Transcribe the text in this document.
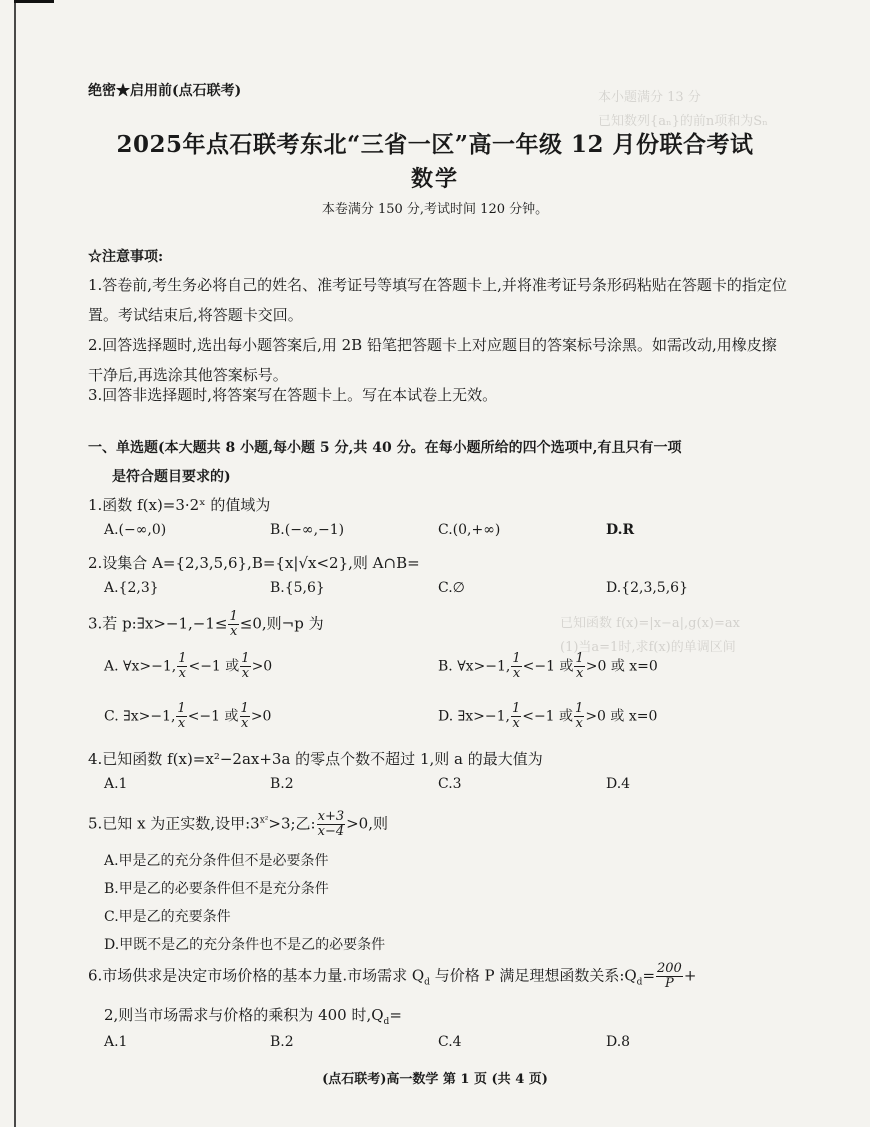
本小题满分 13 分
已知数列{aₙ}的前n项和为Sₙ
已知函数 f(x)=|x−a|,g(x)=ax
(1)当a=1时,求f(x)的单调区间
绝密★启用前(点石联考)
2025年点石联考东北“三省一区”高一年级 12 月份联合考试
数学
本卷满分 150 分,考试时间 120 分钟。
☆注意事项:
1.答卷前,考生务必将自己的姓名、准考证号等填写在答题卡上,并将准考证号条形码粘贴在答题卡的指定位置。考试结束后,将答题卡交回。
2.回答选择题时,选出每小题答案后,用 2B 铅笔把答题卡上对应题目的答案标号涂黑。如需改动,用橡皮擦干净后,再选涂其他答案标号。
3.回答非选择题时,将答案写在答题卡上。写在本试卷上无效。
一、单选题(本大题共 8 小题,每小题 5 分,共 40 分。在每小题所给的四个选项中,有且只有一项

是符合题目要求的)
1.函数 f(x)=3·2ˣ 的值域为
A.(−∞,0)	B.(−∞,−1)	C.(0,+∞)	D.R
2.设集合 A={2,3,5,6},B={x|√x<2},则 A∩B=
A.{2,3}	B.{5,6}	C.∅	D.{2,3,5,6}
3.若 p:∃x>−1,−1≤ $\frac{1}{x} \le 0$,则¬p 为
A. ∀x>−1, $\frac{1}{x} <-1$ 或 $\frac{1}{x} >0$	B. ∀x>−1, $\frac{1}{x} <-1$ 或 $\frac{1}{x} >0$ 或 x=0
C. ∃x>−1, $\frac{1}{x} <-1$ 或 $\frac{1}{x} >0$	D. ∃x>−1, $\frac{1}{x} <-1$ 或 $\frac{1}{x} >0$ 或 x=0
4.已知函数 f(x)=x²−2ax+3a 的零点个数不超过 1,则 a 的最大值为
A.1	B.2	C.3	D.4
5.已知 x 为正实数,设甲$:3^{x^2}>3$;乙: $\frac{x+3}{x-4} >0$,则
A.甲是乙的充分条件但不是必要条件
B.甲是乙的必要条件但不是充分条件
C.甲是乙的充要条件
D.甲既不是乙的充分条件也不是乙的必要条件
6.市场供求是决定市场价格的基本力量.市场需求 $Q_d$ 与价格 P 满足理想函数关系$:Q_d= \frac{200}{P}$ +
2,则当市场需求与价格的乘积为 400 时$,Q_d=$
A.1	B.2	C.4	D.8
(点石联考)高一数学 第 1 页 (共 4 页)
